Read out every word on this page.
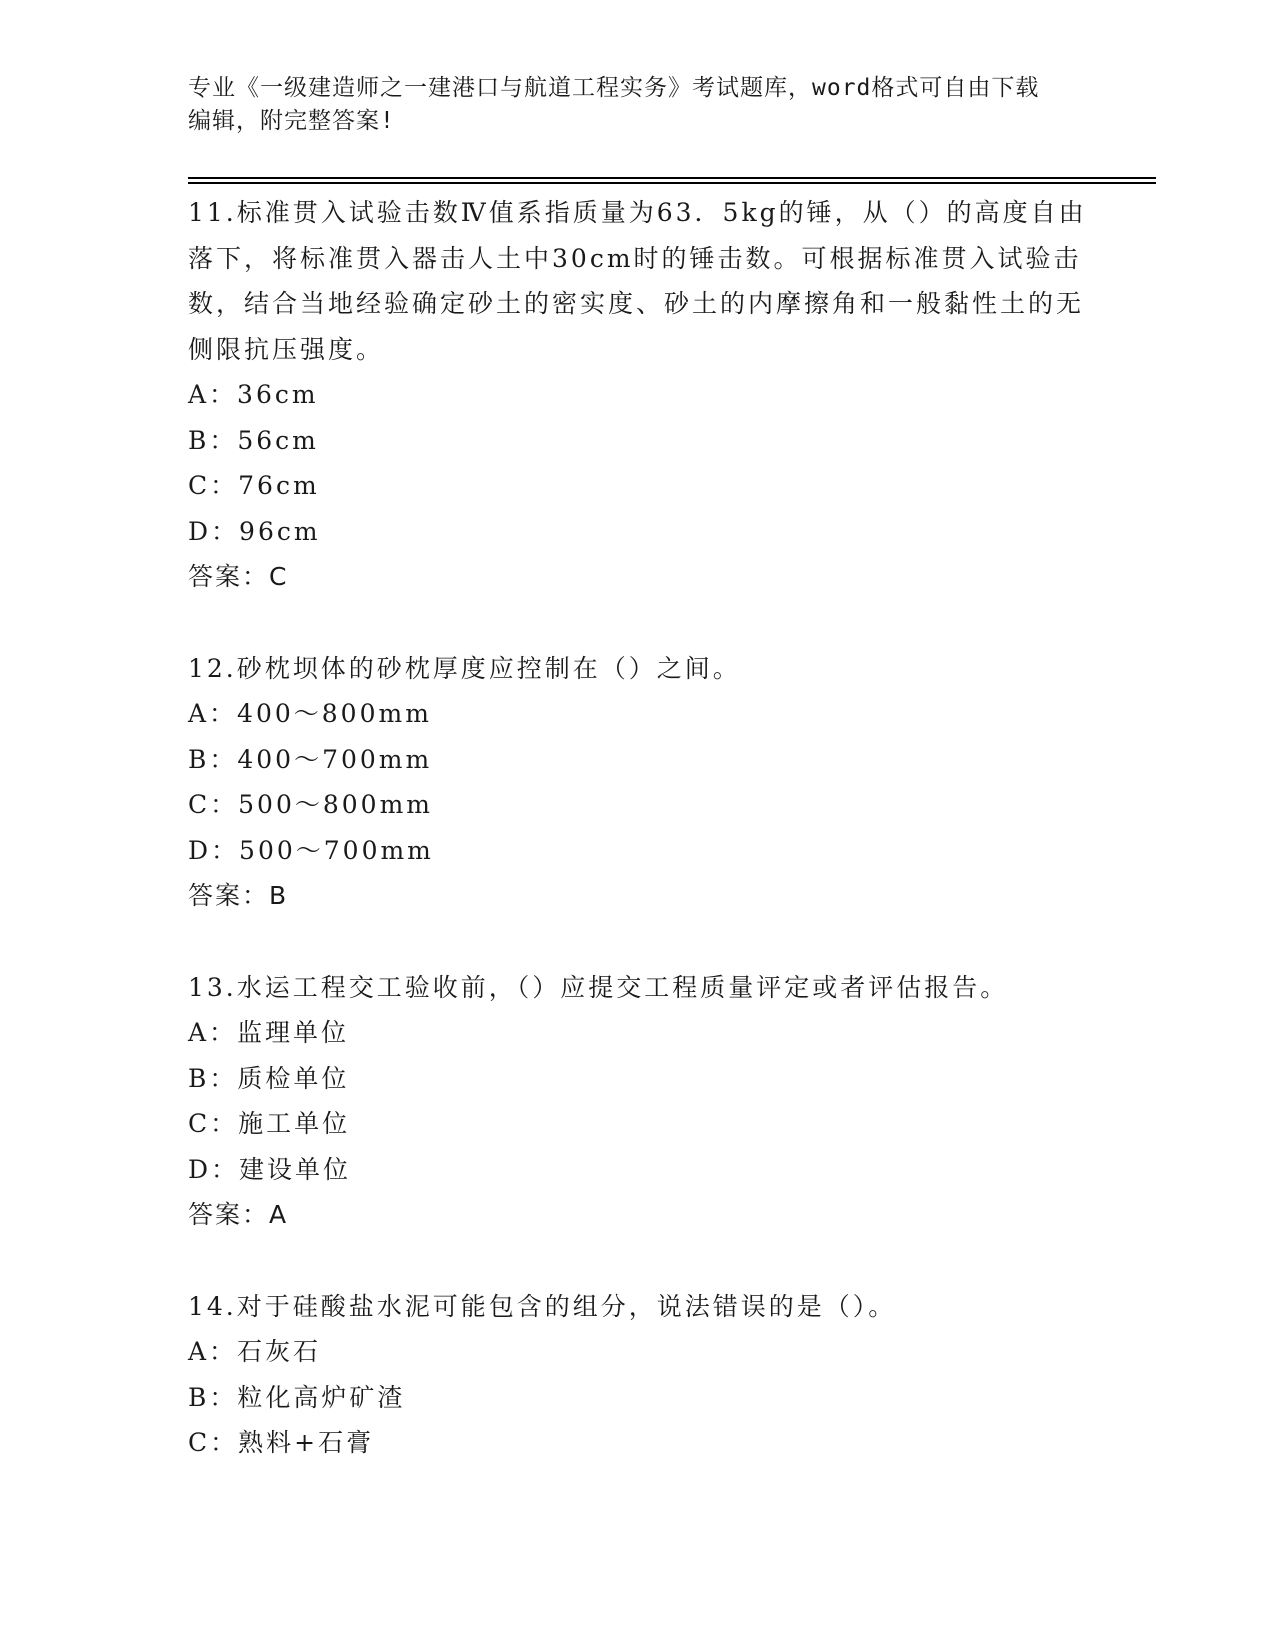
专业《一级建造师之一建港口与航道工程实务》考试题库，word格式可自由下载
编辑，附完整答案!

11.标准贯入试验击数Ⅳ值系指质量为63．5kg的锤，从（）的高度自由落下，将标准贯入器击人土中30cm时的锤击数。可根据标准贯入试验击数，结合当地经验确定砂土的密实度、砂土的内摩擦角和一般黏性土的无侧限抗压强度。

A：36cm

B：56cm

C：76cm

D：96cm

答案：C

12.砂枕坝体的砂枕厚度应控制在（）之间。

A：400～800mm

B：400～700mm

C：500～800mm

D：500～700mm

答案：B

13.水运工程交工验收前，（）应提交工程质量评定或者评估报告。

A：监理单位

B：质检单位

C：施工单位

D：建设单位

答案：A

14.对于硅酸盐水泥可能包含的组分，说法错误的是（）。

A：石灰石

B：粒化高炉矿渣

C：熟料+石膏
